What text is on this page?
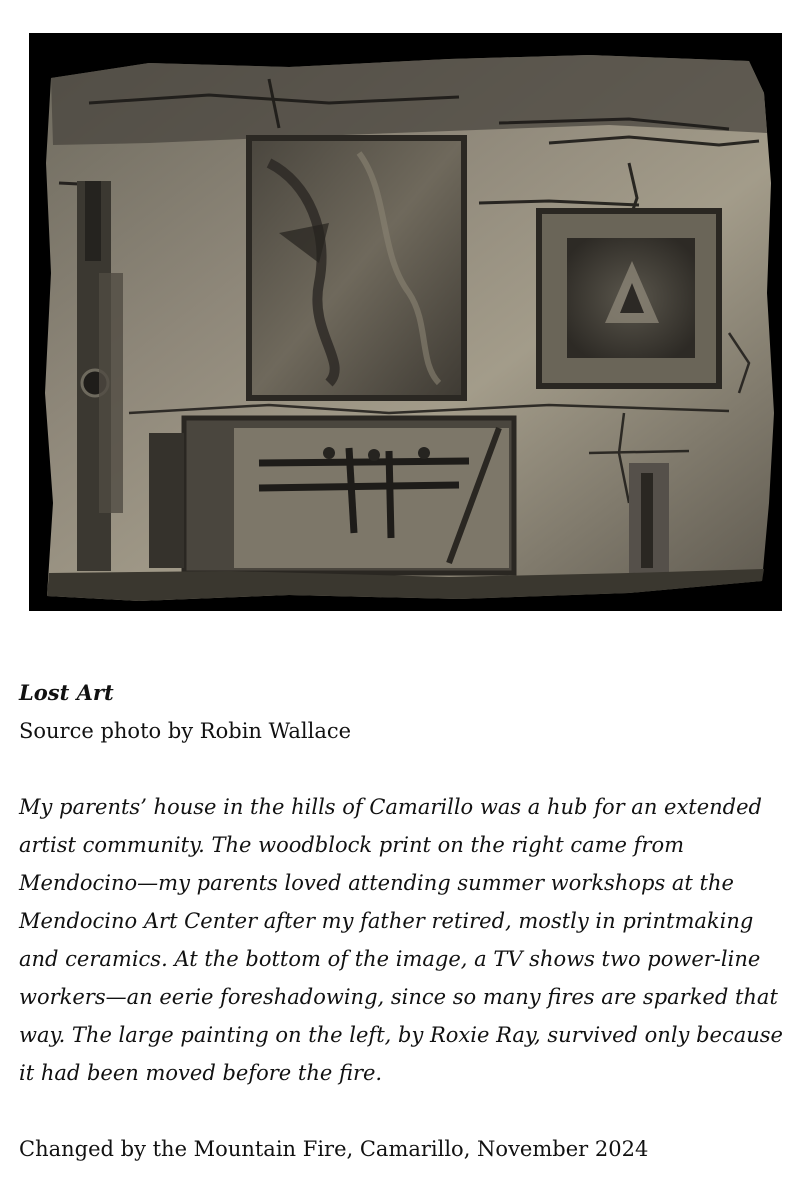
Lost Art
Source photo by Robin Wallace
My parents’ house in the hills of Camarillo was a hub for an extended artist community. The woodblock print on the right came from Mendocino—my parents loved attending summer workshops at the Mendocino Art Center after my father retired, mostly in printmaking and ceramics. At the bottom of the image, a TV shows two power-line workers—an eerie foreshadowing, since so many fires are sparked that way. The large painting on the left, by Roxie Ray, survived only because it had been moved before the fire.
Changed by the Mountain Fire, Camarillo, November 2024
